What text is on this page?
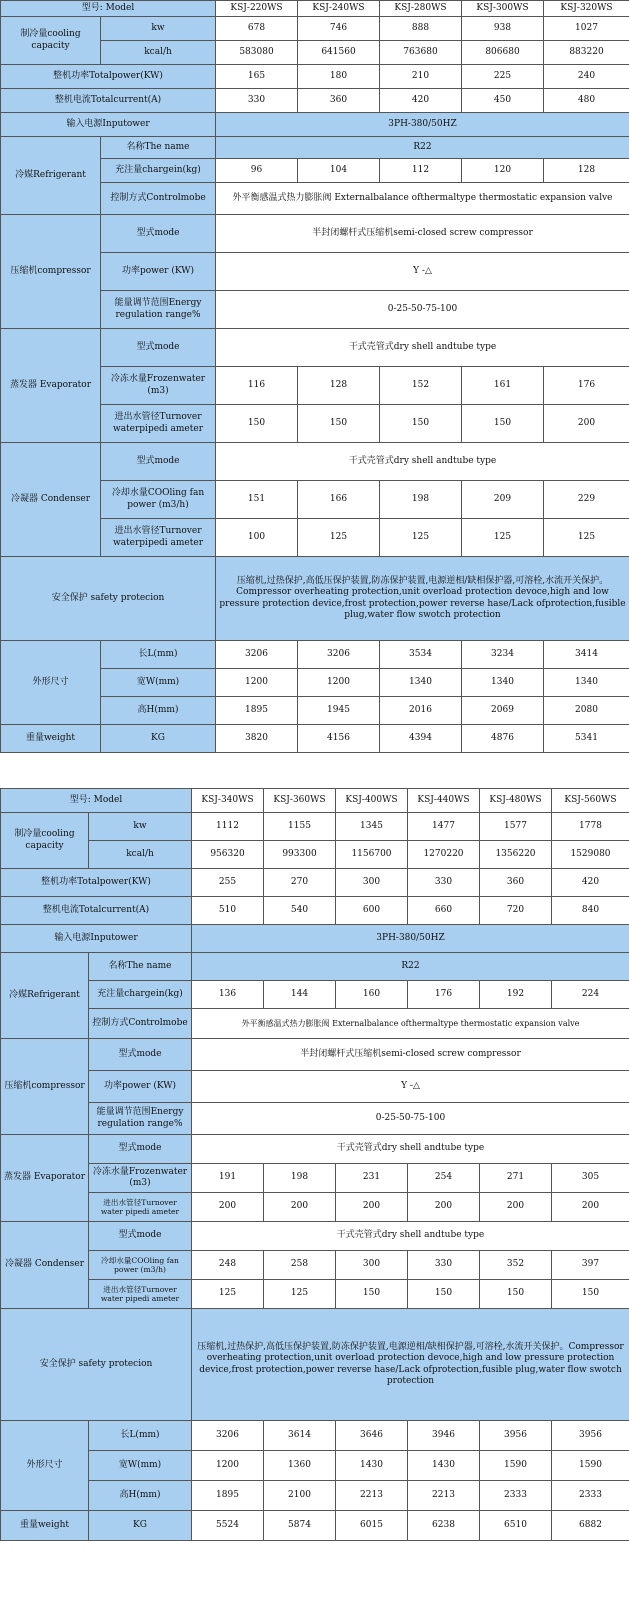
型号: Model		KSJ-220WS	KSJ-240WS	KSJ-280WS	KSJ-300WS	KSJ-320WS
制冷量cooling capacity	kw	678	746	888	938	1027
	kcal/h	583080	641560	763680	806680	883220
整机功率Totalpower(KW)		165	180	210	225	240
整机电流Totalcurrent(A)		330	360	420	450	480
输入电源Inputower		3PH-380/50HZ				
冷媒Refrigerant	名称The name	R22				
	充注量chargein(kg)	96	104	112	120	128
	控制方式Controlmobe	外平衡感温式热力膨胀阀 Externalbalance ofthermaltype thermostatic expansion valve				
压缩机compressor	型式mode	半封闭螺杆式压缩机semi-closed screw compressor				
	功率power (KW)	Y -△				
	能量调节范围Energy regulation range%	0-25-50-75-100				
蒸发器 Evaporator	型式mode	干式壳管式dry shell andtube type				
	冷冻水量Frozenwater (m3)	116	128	152	161	176
	进出水管径Turnover waterpipedi ameter	150	150	150	150	200
冷凝器 Condenser	型式mode	干式壳管式dry shell andtube type				
	冷却水量COOling fan power (m3/h)	151	166	198	209	229
	进出水管径Turnover waterpipedi ameter	100	125	125	125	125
安全保护 safety protecion		压缩机,过热保护,高低压保护装置,防冻保护装置,电源逆相/缺相保护器,可溶栓,水流开关保护。Compressor overheating protection,unit overload protection devoce,high and low pressure protection device,frost protection,power reverse hase/Lack ofprotection,fusible plug,water flow swotch protection				
外形尺寸	长L(mm)	3206	3206	3534	3234	3414
	宽W(mm)	1200	1200	1340	1340	1340
	高H(mm)	1895	1945	2016	2069	2080
重量weight	KG	3820	4156	4394	4876	5341
型号: Model		KSJ-340WS	KSJ-360WS	KSJ-400WS	KSJ-440WS	KSJ-480WS	KSJ-560WS
制冷量cooling capacity	kw	1112	1155	1345	1477	1577	1778
	kcal/h	956320	993300	1156700	1270220	1356220	1529080
整机功率Totalpower(KW)		255	270	300	330	360	420
整机电流Totalcurrent(A)		510	540	600	660	720	840
输入电源Inputower		3PH-380/50HZ					
冷媒Refrigerant	名称The name	R22					
	充注量chargein(kg)	136	144	160	176	192	224
	控制方式Controlmobe	外平衡感温式热力膨胀阀 Externalbalance ofthermaltype thermostatic expansion valve					
压缩机compressor	型式mode	半封闭螺杆式压缩机semi-closed screw compressor					
	功率power (KW)	Y -△					
	能量调节范围Energy regulation range%	0-25-50-75-100					
蒸发器 Evaporator	型式mode	干式壳管式dry shell andtube type					
	冷冻水量Frozenwater (m3)	191	198	231	254	271	305
	进出水管径Turnover water pipedi ameter	200	200	200	200	200	200
冷凝器 Condenser	型式mode	干式壳管式dry shell andtube type					
	冷却水量COOling fan power (m3/h)	248	258	300	330	352	397
	进出水管径Turnover water pipedi ameter	125	125	150	150	150	150
安全保护 safety protecion		压缩机,过热保护,高低压保护装置,防冻保护装置,电源逆相/缺相保护器,可溶栓,水流开关保护。Compressor overheating protection,unit overload protection devoce,high and low pressure protection device,frost protection,power reverse hase/Lack ofprotection,fusible plug,water flow swotch protection					
外形尺寸	长L(mm)	3206	3614	3646	3946	3956	3956
	宽W(mm)	1200	1360	1430	1430	1590	1590
	高H(mm)	1895	2100	2213	2213	2333	2333
重量weight	KG	5524	5874	6015	6238	6510	6882
